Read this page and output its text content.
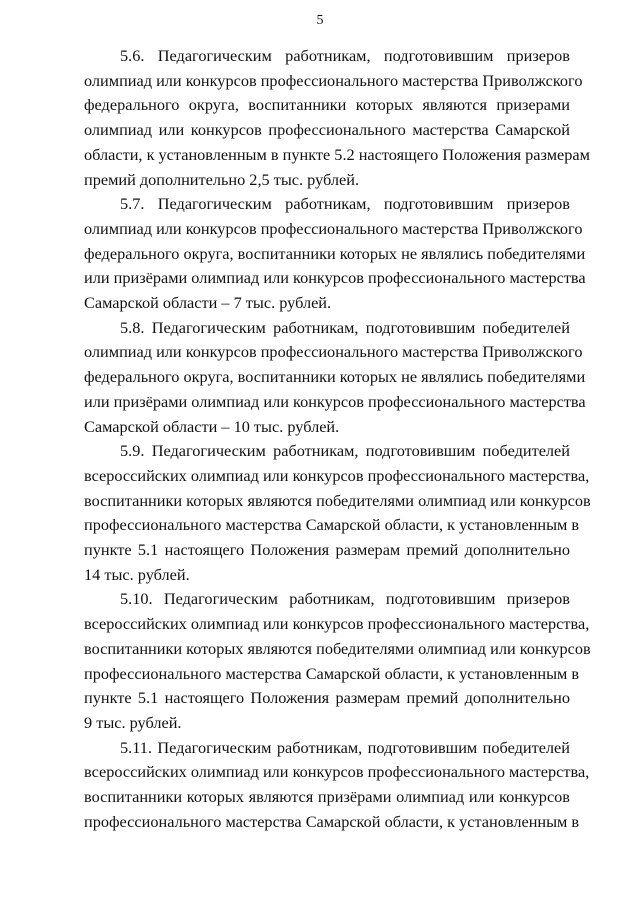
5
5.6. Педагогическим работникам, подготовившим призеров
олимпиад или конкурсов профессионального мастерства Приволжского
федерального округа, воспитанники которых являются призерами
олимпиад или конкурсов профессионального мастерства Самарской
области, к установленным в пункте 5.2 настоящего Положения размерам
премий дополнительно 2,5 тыс. рублей.
5.7. Педагогическим работникам, подготовившим призеров
олимпиад или конкурсов профессионального мастерства Приволжского
федерального округа, воспитанники которых не являлись победителями
или призёрами олимпиад или конкурсов профессионального мастерства
Самарской области – 7 тыс. рублей.
5.8. Педагогическим работникам, подготовившим победителей
олимпиад или конкурсов профессионального мастерства Приволжского
федерального округа, воспитанники которых не являлись победителями
или призёрами олимпиад или конкурсов профессионального мастерства
Самарской области – 10 тыс. рублей.
5.9. Педагогическим работникам, подготовившим победителей
всероссийских олимпиад или конкурсов профессионального мастерства,
воспитанники которых являются победителями олимпиад или конкурсов
профессионального мастерства Самарской области, к установленным в
пункте 5.1 настоящего Положения размерам премий дополнительно
14 тыс. рублей.
5.10. Педагогическим работникам, подготовившим призеров
всероссийских олимпиад или конкурсов профессионального мастерства,
воспитанники которых являются победителями олимпиад или конкурсов
профессионального мастерства Самарской области, к установленным в
пункте 5.1 настоящего Положения размерам премий дополнительно
9 тыс. рублей.
5.11. Педагогическим работникам, подготовившим победителей
всероссийских олимпиад или конкурсов профессионального мастерства,
воспитанники которых являются призёрами олимпиад или конкурсов
профессионального мастерства Самарской области, к установленным в
